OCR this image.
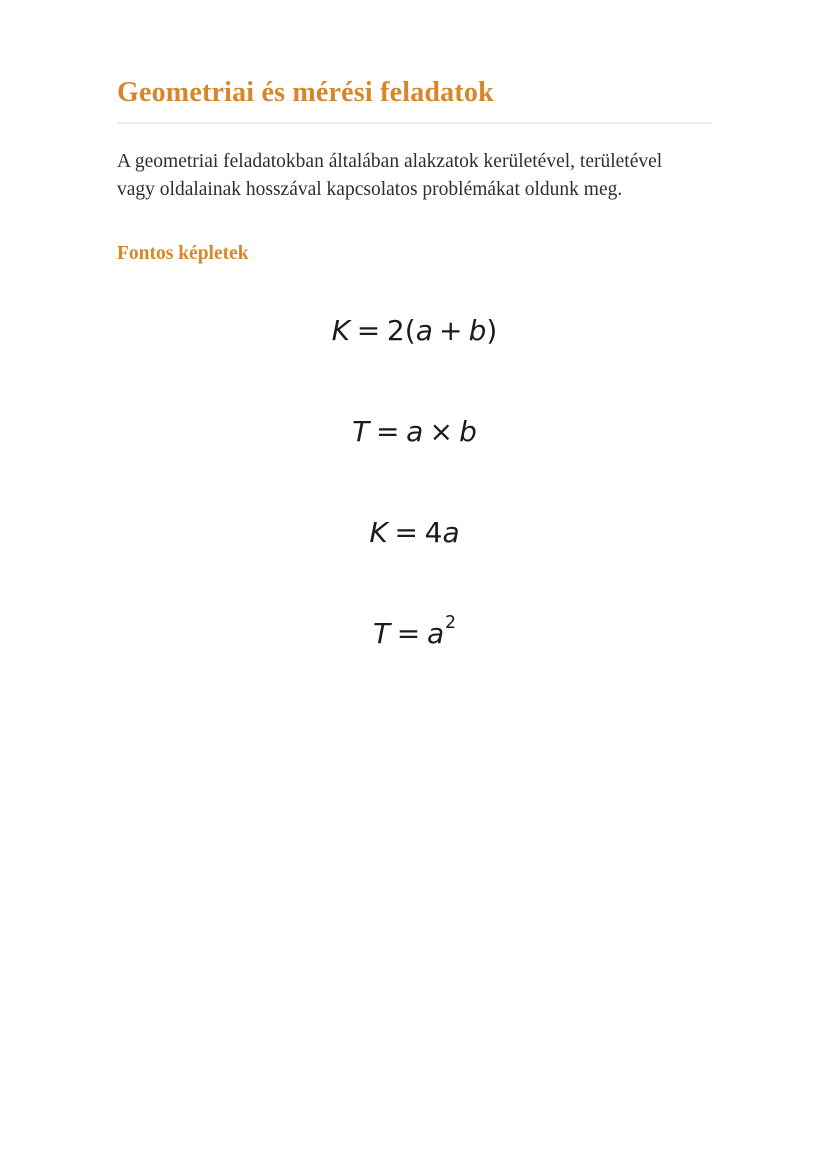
Geometriai és mérési feladatok

A geometriai feladatokban általában alakzatok kerületével, területével
vagy oldalainak hosszával kapcsolatos problémákat oldunk meg.

Fontos képletek
K = 2 ( a + b )
T = a × b
K = 4 a
T = a 2
